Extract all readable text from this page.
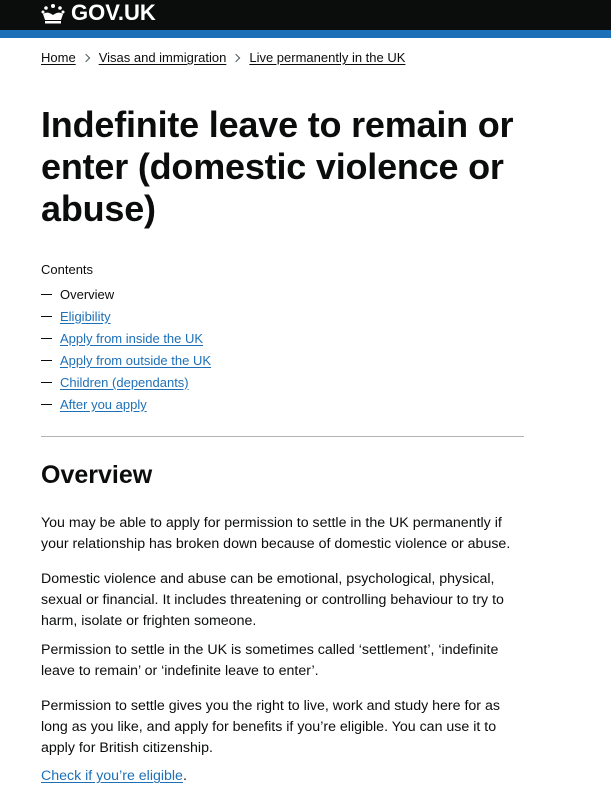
GOV.UK
Home Visas and immigration Live permanently in the UK
Indefinite leave to remain or enter (domestic violence or abuse)
Contents
Overview
Eligibility
Apply from inside the UK
Apply from outside the UK
Children (dependants)
After you apply
Overview

You may be able to apply for permission to settle in the UK permanently if your relationship has broken down because of domestic violence or abuse.

Domestic violence and abuse can be emotional, psychological, physical, sexual or financial. It includes threatening or controlling behaviour to try to harm, isolate or frighten someone.

Permission to settle in the UK is sometimes called ‘settlement’, ‘indefinite leave to remain’ or ‘indefinite leave to enter’.

Permission to settle gives you the right to live, work and study here for as long as you like, and apply for benefits if you’re eligible. You can use it to apply for British citizenship.

Check if you’re eligible.
